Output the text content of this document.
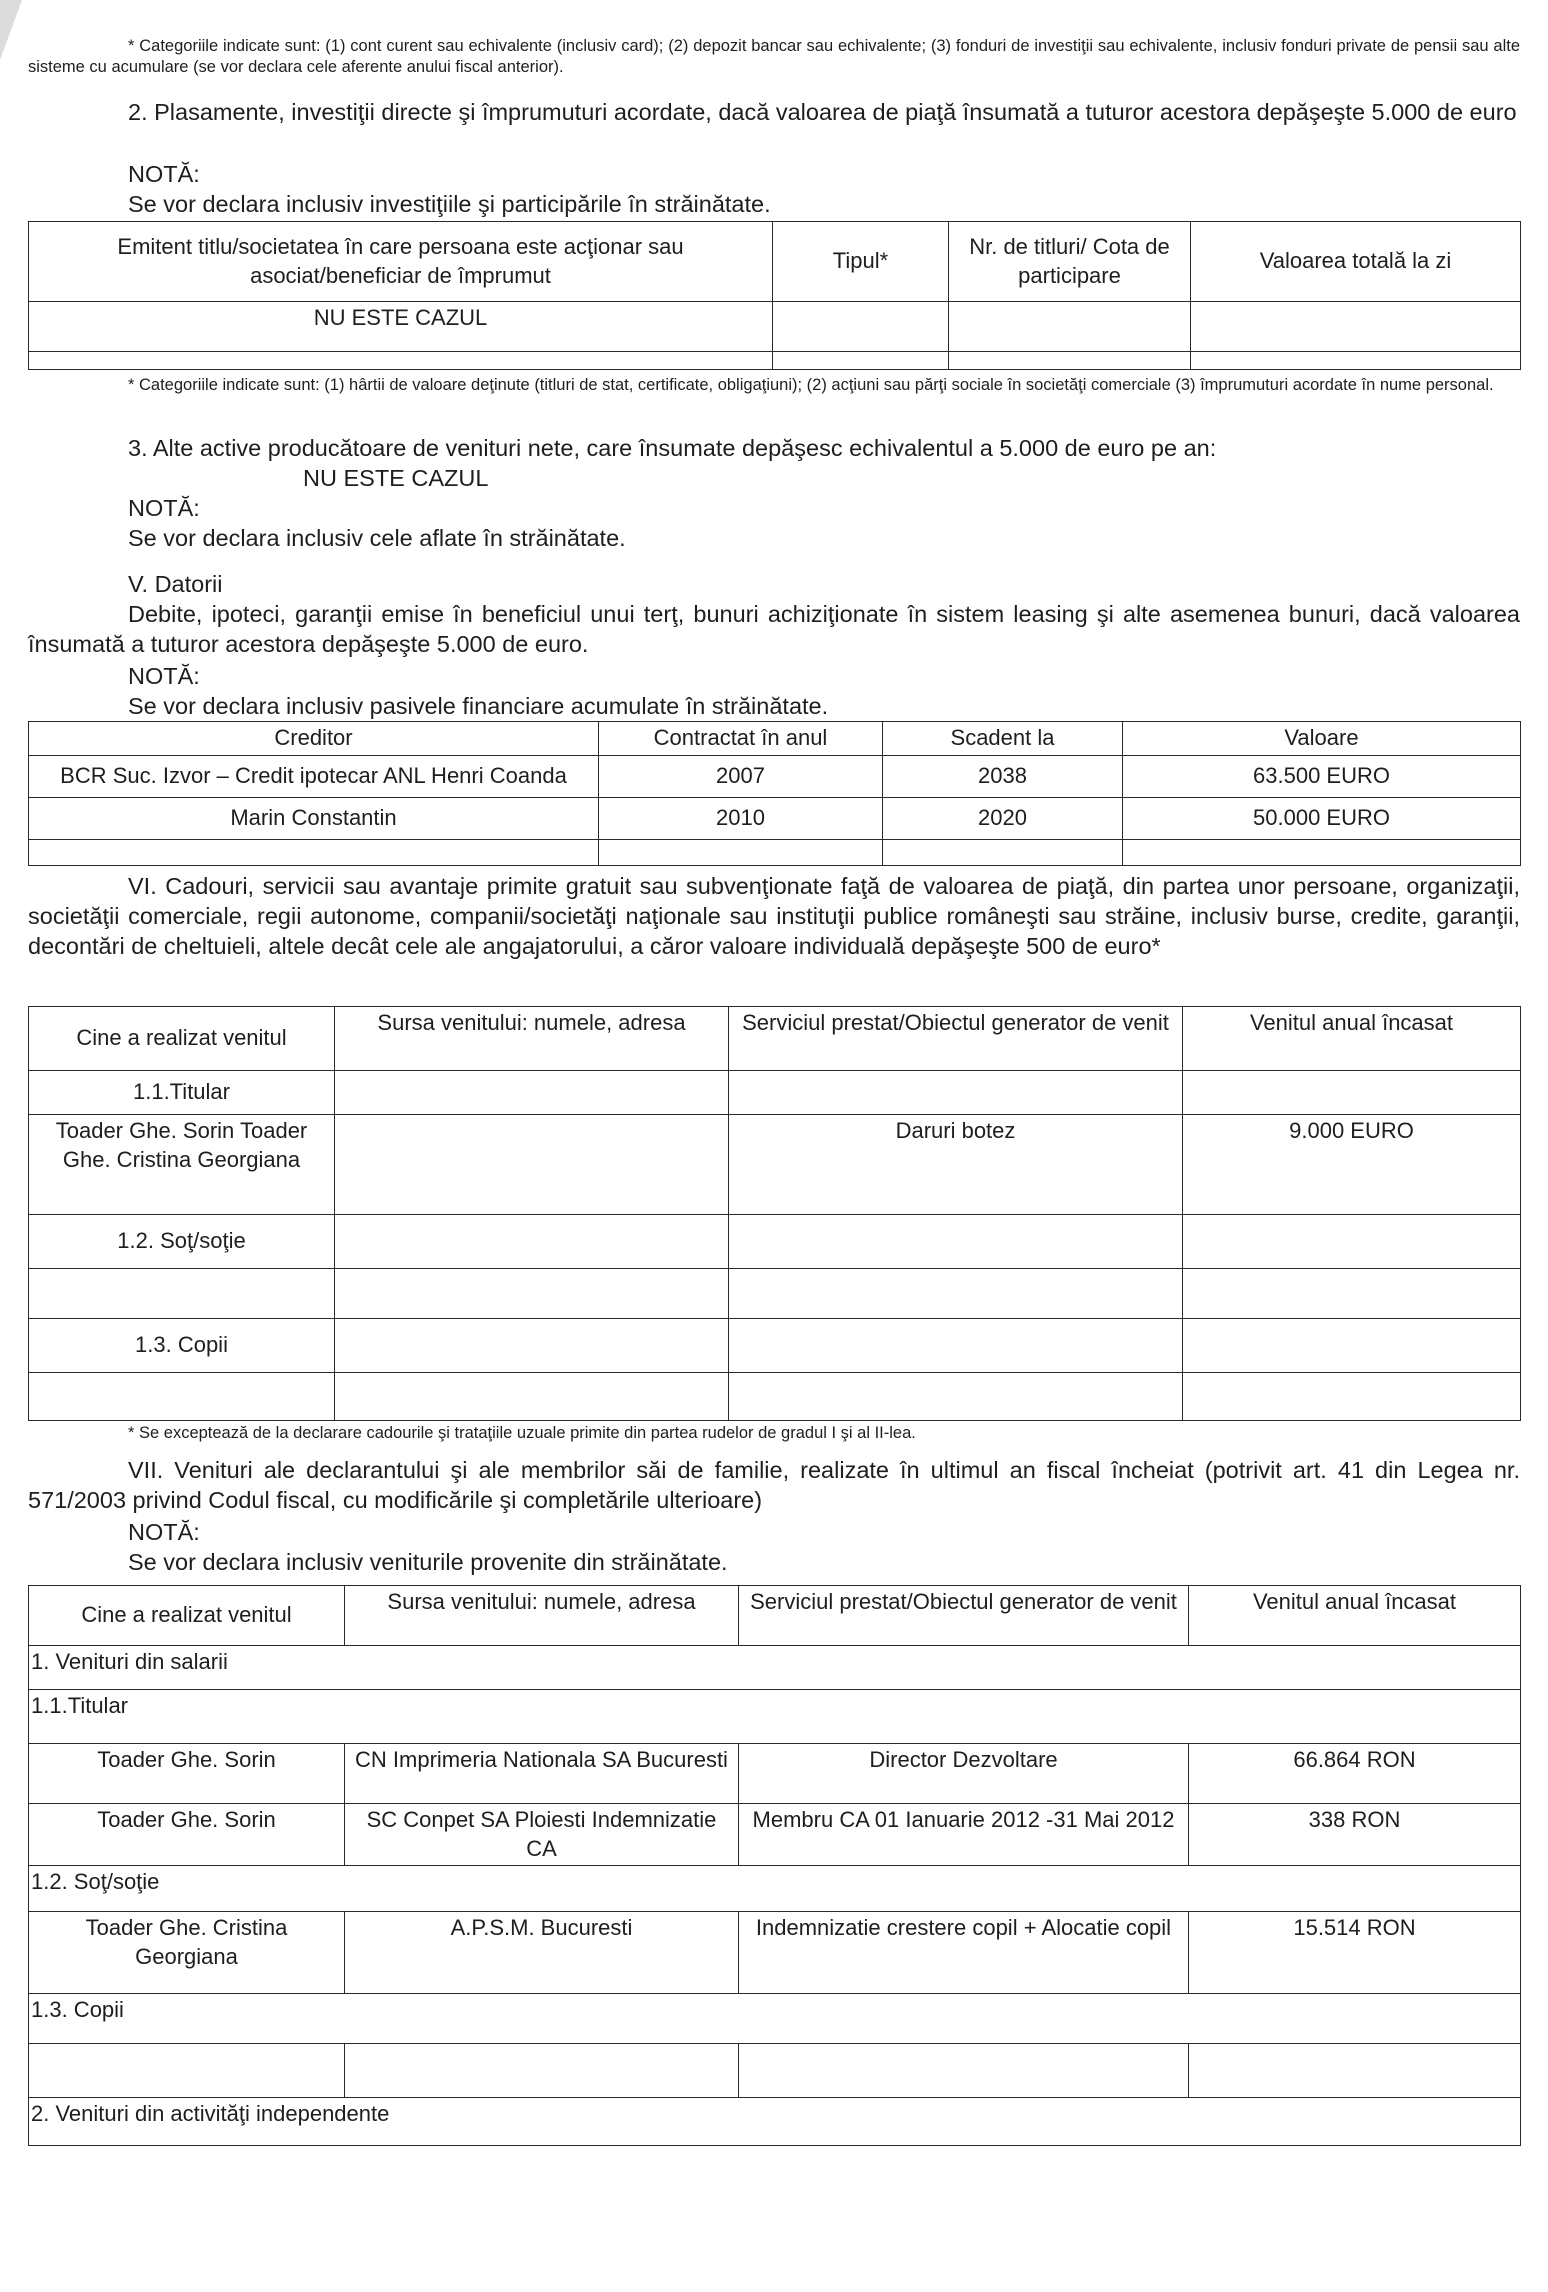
* Categoriile indicate sunt: (1) cont curent sau echivalente (inclusiv card); (2) depozit bancar sau echivalente; (3) fonduri de investiţii sau echivalente, inclusiv fonduri private de pensii sau alte sisteme cu acumulare (se vor declara cele aferente anului fiscal anterior).
2. Plasamente, investiţii directe şi împrumuturi acordate, dacă valoarea de piaţă însumată a tuturor acestora depăşeşte 5.000 de euro
NOTĂ:
Se vor declara inclusiv investiţiile şi participările în străinătate.
Emitent titlu/societatea în care persoana este acţionar sau asociat/beneficiar de împrumut	Tipul*	Nr. de titluri/ Cota de participare	Valoarea totală la zi
NU ESTE CAZUL			

* Categoriile indicate sunt: (1) hârtii de valoare deţinute (titluri de stat, certificate, obligaţiuni); (2) acţiuni sau părţi sociale în societăţi comerciale (3) împrumuturi acordate în nume personal.
3. Alte active producătoare de venituri nete, care însumate depăşesc echivalentul a 5.000 de euro pe an:
NU ESTE CAZUL
NOTĂ:
Se vor declara inclusiv cele aflate în străinătate.
V. Datorii
Debite, ipoteci, garanţii emise în beneficiul unui terţ, bunuri achiziţionate în sistem leasing şi alte asemenea bunuri, dacă valoarea însumată a tuturor acestora depăşeşte 5.000 de euro.
NOTĂ:
Se vor declara inclusiv pasivele financiare acumulate în străinătate.
Creditor	Contractat în anul	Scadent la	Valoare
BCR Suc. Izvor – Credit ipotecar ANL Henri Coanda	2007	2038	63.500 EURO
Marin Constantin	2010	2020	50.000 EURO

VI. Cadouri, servicii sau avantaje primite gratuit sau subvenţionate faţă de valoarea de piaţă, din partea unor persoane, organizaţii, societăţii comerciale, regii autonome, companii/societăţi naţionale sau instituţii publice româneşti sau străine, inclusiv burse, credite, garanţii, decontări de cheltuieli, altele decât cele ale angajatorului, a căror valoare individuală depăşeşte 500 de euro*
Cine a realizat venitul	Sursa venitului: numele, adresa	Serviciul prestat/Obiectul generator de venit	Venitul anual încasat
1.1.Titular			
Toader Ghe. Sorin Toader Ghe. Cristina Georgiana		Daruri botez	9.000 EURO
1.2. Soţ/soţie			

1.3. Copii			

* Se exceptează de la declarare cadourile şi trataţiile uzuale primite din partea rudelor de gradul I şi al II-lea.
VII. Venituri ale declarantului şi ale membrilor săi de familie, realizate în ultimul an fiscal încheiat (potrivit art. 41 din Legea nr. 571/2003 privind Codul fiscal, cu modificările şi completările ulterioare)
NOTĂ:
Se vor declara inclusiv veniturile provenite din străinătate.
Cine a realizat venitul	Sursa venitului: numele, adresa	Serviciul prestat/Obiectul generator de venit	Venitul anual încasat
1. Venituri din salarii			
1.1.Titular			
Toader Ghe. Sorin	CN Imprimeria Nationala SA Bucuresti	Director Dezvoltare	66.864 RON
Toader Ghe. Sorin	SC Conpet SA Ploiesti Indemnizatie CA	Membru CA 01 Ianuarie 2012 -31 Mai 2012	338 RON
1.2. Soţ/soţie			
Toader Ghe. Cristina Georgiana	A.P.S.M. Bucuresti	Indemnizatie crestere copil + Alocatie copil	15.514 RON
1.3. Copii			

2. Venituri din activităţi independente			
